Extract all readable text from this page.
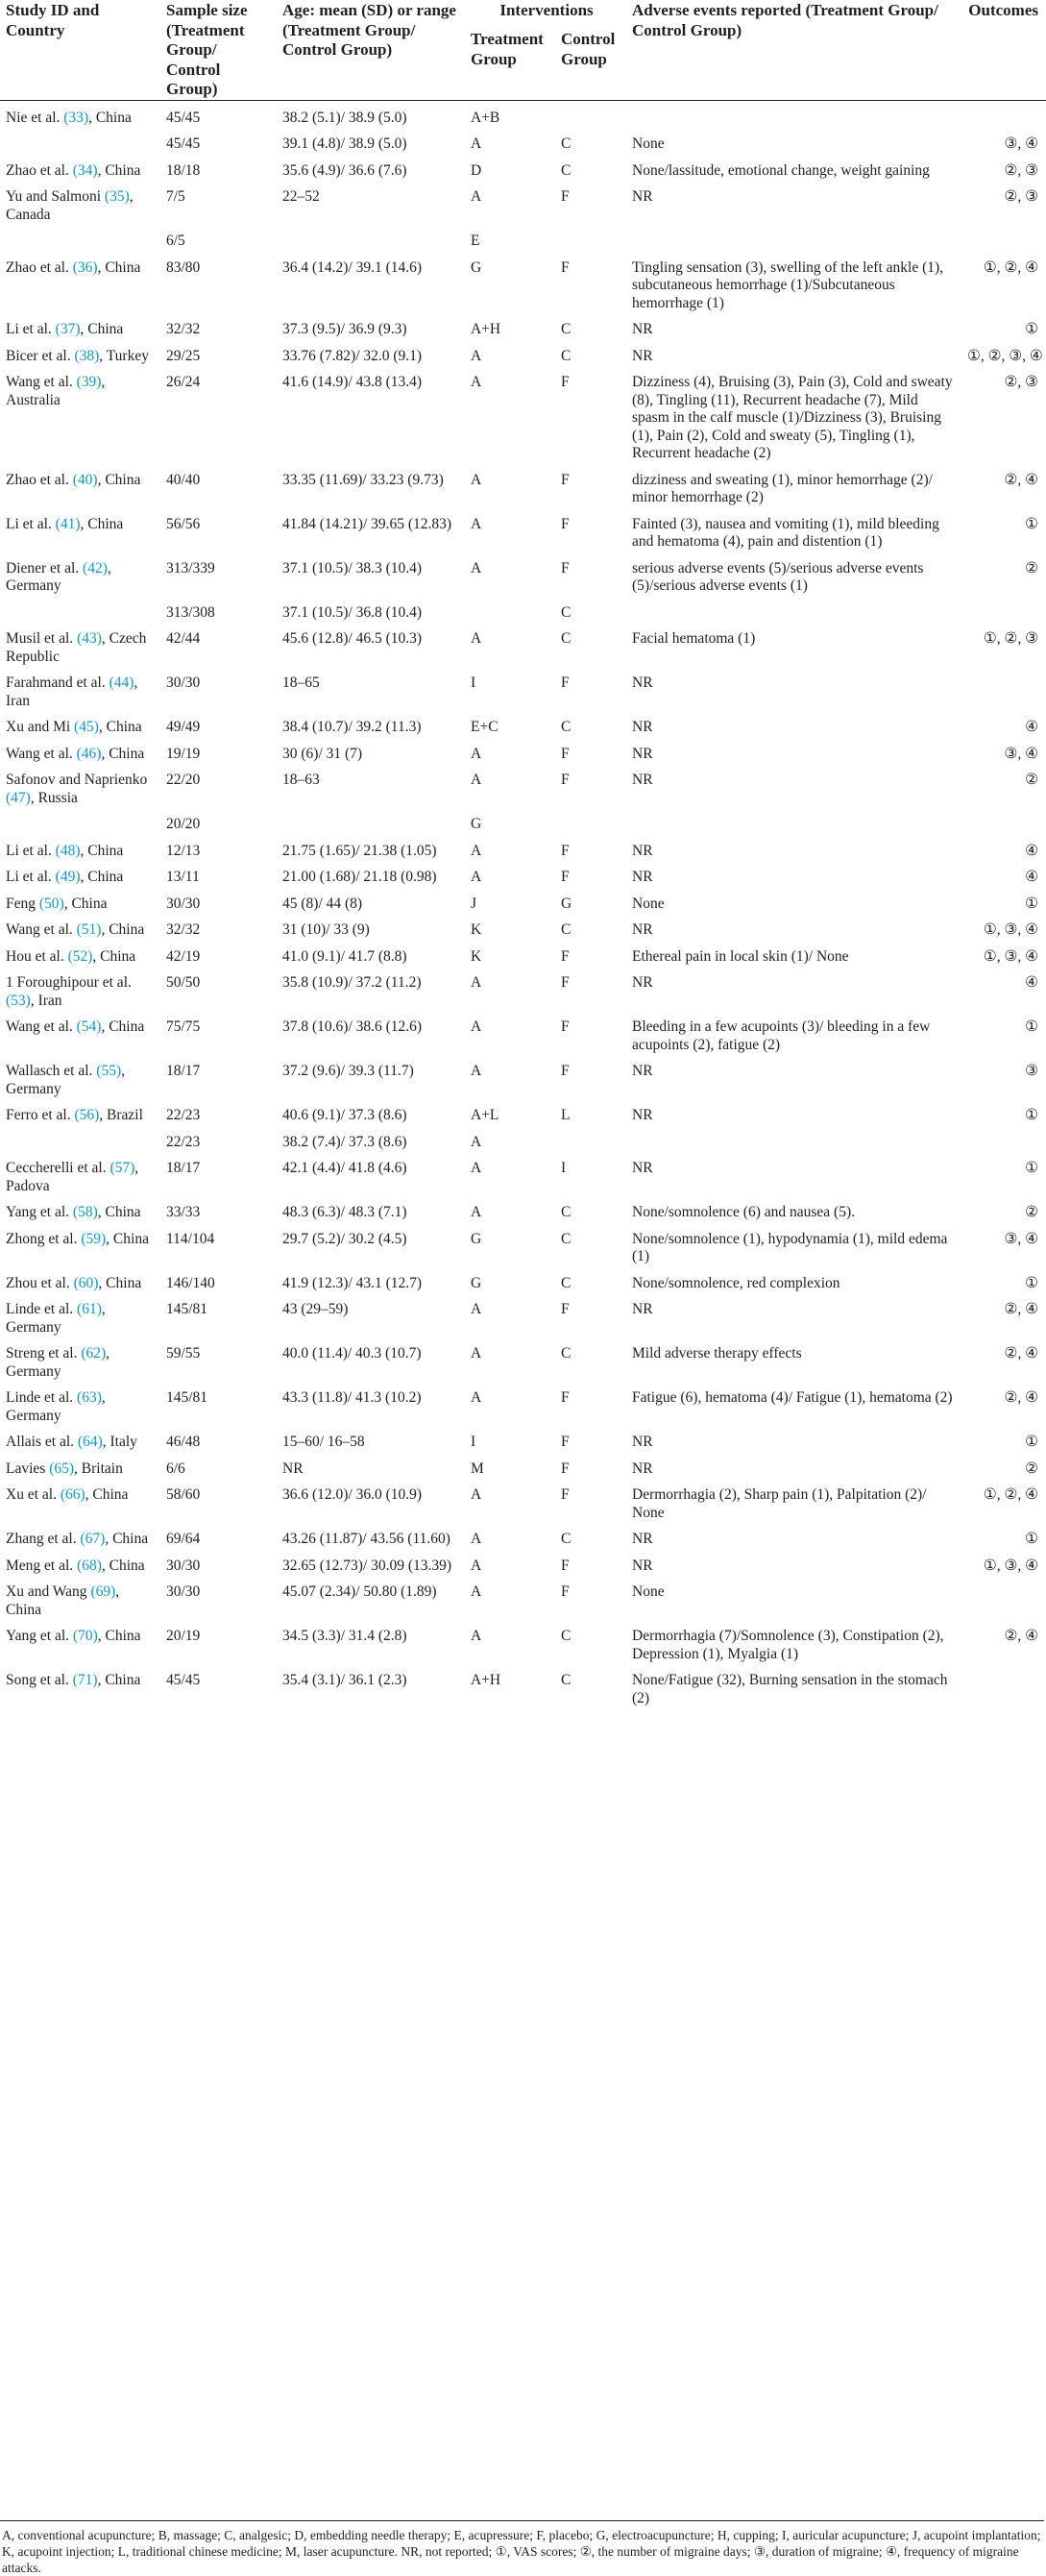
Study ID and Country	Sample size (Treatment Group/ Control Group)	Age: mean (SD) or range (Treatment Group/ Control Group)	Interventions		Adverse events reported (Treatment Group/ Control Group)	Outcomes
			Treatment Group	Control Group		
Nie et al. (33), China	45/45	38.2 (5.1)/ 38.9 (5.0)	A+B			
	45/45	39.1 (4.8)/ 38.9 (5.0)	A	C	None	③, ④
Zhao et al. (34), China	18/18	35.6 (4.9)/ 36.6 (7.6)	D	C	None/lassitude, emotional change, weight gaining	②, ③
Yu and Salmoni (35), Canada	7/5	22–52	A	F	NR	②, ③
	6/5		E			
Zhao et al. (36), China	83/80	36.4 (14.2)/ 39.1 (14.6)	G	F	Tingling sensation (3), swelling of the left ankle (1), subcutaneous hemorrhage (1)/Subcutaneous hemorrhage (1)	①, ②, ④
Li et al. (37), China	32/32	37.3 (9.5)/ 36.9 (9.3)	A+H	C	NR	①
Bicer et al. (38), Turkey	29/25	33.76 (7.82)/ 32.0 (9.1)	A	C	NR	①, ②, ③, ④
Wang et al. (39), Australia	26/24	41.6 (14.9)/ 43.8 (13.4)	A	F	Dizziness (4), Bruising (3), Pain (3), Cold and sweaty (8), Tingling (11), Recurrent headache (7), Mild spasm in the calf muscle (1)/Dizziness (3), Bruising (1), Pain (2), Cold and sweaty (5), Tingling (1), Recurrent headache (2)	②, ③
Zhao et al. (40), China	40/40	33.35 (11.69)/ 33.23 (9.73)	A	F	dizziness and sweating (1), minor hemorrhage (2)/ minor hemorrhage (2)	②, ④
Li et al. (41), China	56/56	41.84 (14.21)/ 39.65 (12.83)	A	F	Fainted (3), nausea and vomiting (1), mild bleeding and hematoma (4), pain and distention (1)	①
Diener et al. (42), Germany	313/339	37.1 (10.5)/ 38.3 (10.4)	A	F	serious adverse events (5)/serious adverse events (5)/serious adverse events (1)	②
	313/308	37.1 (10.5)/ 36.8 (10.4)		C		
Musil et al. (43), Czech Republic	42/44	45.6 (12.8)/ 46.5 (10.3)	A	C	Facial hematoma (1)	①, ②, ③
Farahmand et al. (44), Iran	30/30	18–65	I	F	NR	
Xu and Mi (45), China	49/49	38.4 (10.7)/ 39.2 (11.3)	E+C	C	NR	④
Wang et al. (46), China	19/19	30 (6)/ 31 (7)	A	F	NR	③, ④
Safonov and Naprienko (47), Russia	22/20	18–63	A	F	NR	②
	20/20		G			
Li et al. (48), China	12/13	21.75 (1.65)/ 21.38 (1.05)	A	F	NR	④
Li et al. (49), China	13/11	21.00 (1.68)/ 21.18 (0.98)	A	F	NR	④
Feng (50), China	30/30	45 (8)/ 44 (8)	J	G	None	①
Wang et al. (51), China	32/32	31 (10)/ 33 (9)	K	C	NR	①, ③, ④
Hou et al. (52), China	42/19	41.0 (9.1)/ 41.7 (8.8)	K	F	Ethereal pain in local skin (1)/ None	①, ③, ④
1 Foroughipour et al. (53), Iran	50/50	35.8 (10.9)/ 37.2 (11.2)	A	F	NR	④
Wang et al. (54), China	75/75	37.8 (10.6)/ 38.6 (12.6)	A	F	Bleeding in a few acupoints (3)/ bleeding in a few acupoints (2), fatigue (2)	①
Wallasch et al. (55), Germany	18/17	37.2 (9.6)/ 39.3 (11.7)	A	F	NR	③
Ferro et al. (56), Brazil	22/23	40.6 (9.1)/ 37.3 (8.6)	A+L	L	NR	①
	22/23	38.2 (7.4)/ 37.3 (8.6)	A			
Ceccherelli et al. (57), Padova	18/17	42.1 (4.4)/ 41.8 (4.6)	A	I	NR	①
Yang et al. (58), China	33/33	48.3 (6.3)/ 48.3 (7.1)	A	C	None/somnolence (6) and nausea (5).	②
Zhong et al. (59), China	114/104	29.7 (5.2)/ 30.2 (4.5)	G	C	None/somnolence (1), hypodynamia (1), mild edema (1)	③, ④
Zhou et al. (60), China	146/140	41.9 (12.3)/ 43.1 (12.7)	G	C	None/somnolence, red complexion	①
Linde et al. (61), Germany	145/81	43 (29–59)	A	F	NR	②, ④
Streng et al. (62), Germany	59/55	40.0 (11.4)/ 40.3 (10.7)	A	C	Mild adverse therapy effects	②, ④
Linde et al. (63), Germany	145/81	43.3 (11.8)/ 41.3 (10.2)	A	F	Fatigue (6), hematoma (4)/ Fatigue (1), hematoma (2)	②, ④
Allais et al. (64), Italy	46/48	15–60/ 16–58	I	F	NR	①
Lavies (65), Britain	6/6	NR	M	F	NR	②
Xu et al. (66), China	58/60	36.6 (12.0)/ 36.0 (10.9)	A	F	Dermorrhagia (2), Sharp pain (1), Palpitation (2)/ None	①, ②, ④
Zhang et al. (67), China	69/64	43.26 (11.87)/ 43.56 (11.60)	A	C	NR	①
Meng et al. (68), China	30/30	32.65 (12.73)/ 30.09 (13.39)	A	F	NR	①, ③, ④
Xu and Wang (69), China	30/30	45.07 (2.34)/ 50.80 (1.89)	A	F	None	
Yang et al. (70), China	20/19	34.5 (3.3)/ 31.4 (2.8)	A	C	Dermorrhagia (7)/Somnolence (3), Constipation (2), Depression (1), Myalgia (1)	②, ④
Song et al. (71), China	45/45	35.4 (3.1)/ 36.1 (2.3)	A+H	C	None/Fatigue (32), Burning sensation in the stomach (2)	
A, conventional acupuncture; B, massage; C, analgesic; D, embedding needle therapy; E, acupressure; F, placebo; G, electroacupuncture; H, cupping; I, auricular acupuncture; J, acupoint implantation; K, acupoint injection; L, traditional chinese medicine; M, laser acupuncture. NR, not reported; ①, VAS scores; ②, the number of migraine days; ③, duration of migraine; ④, frequency of migraine attacks.
